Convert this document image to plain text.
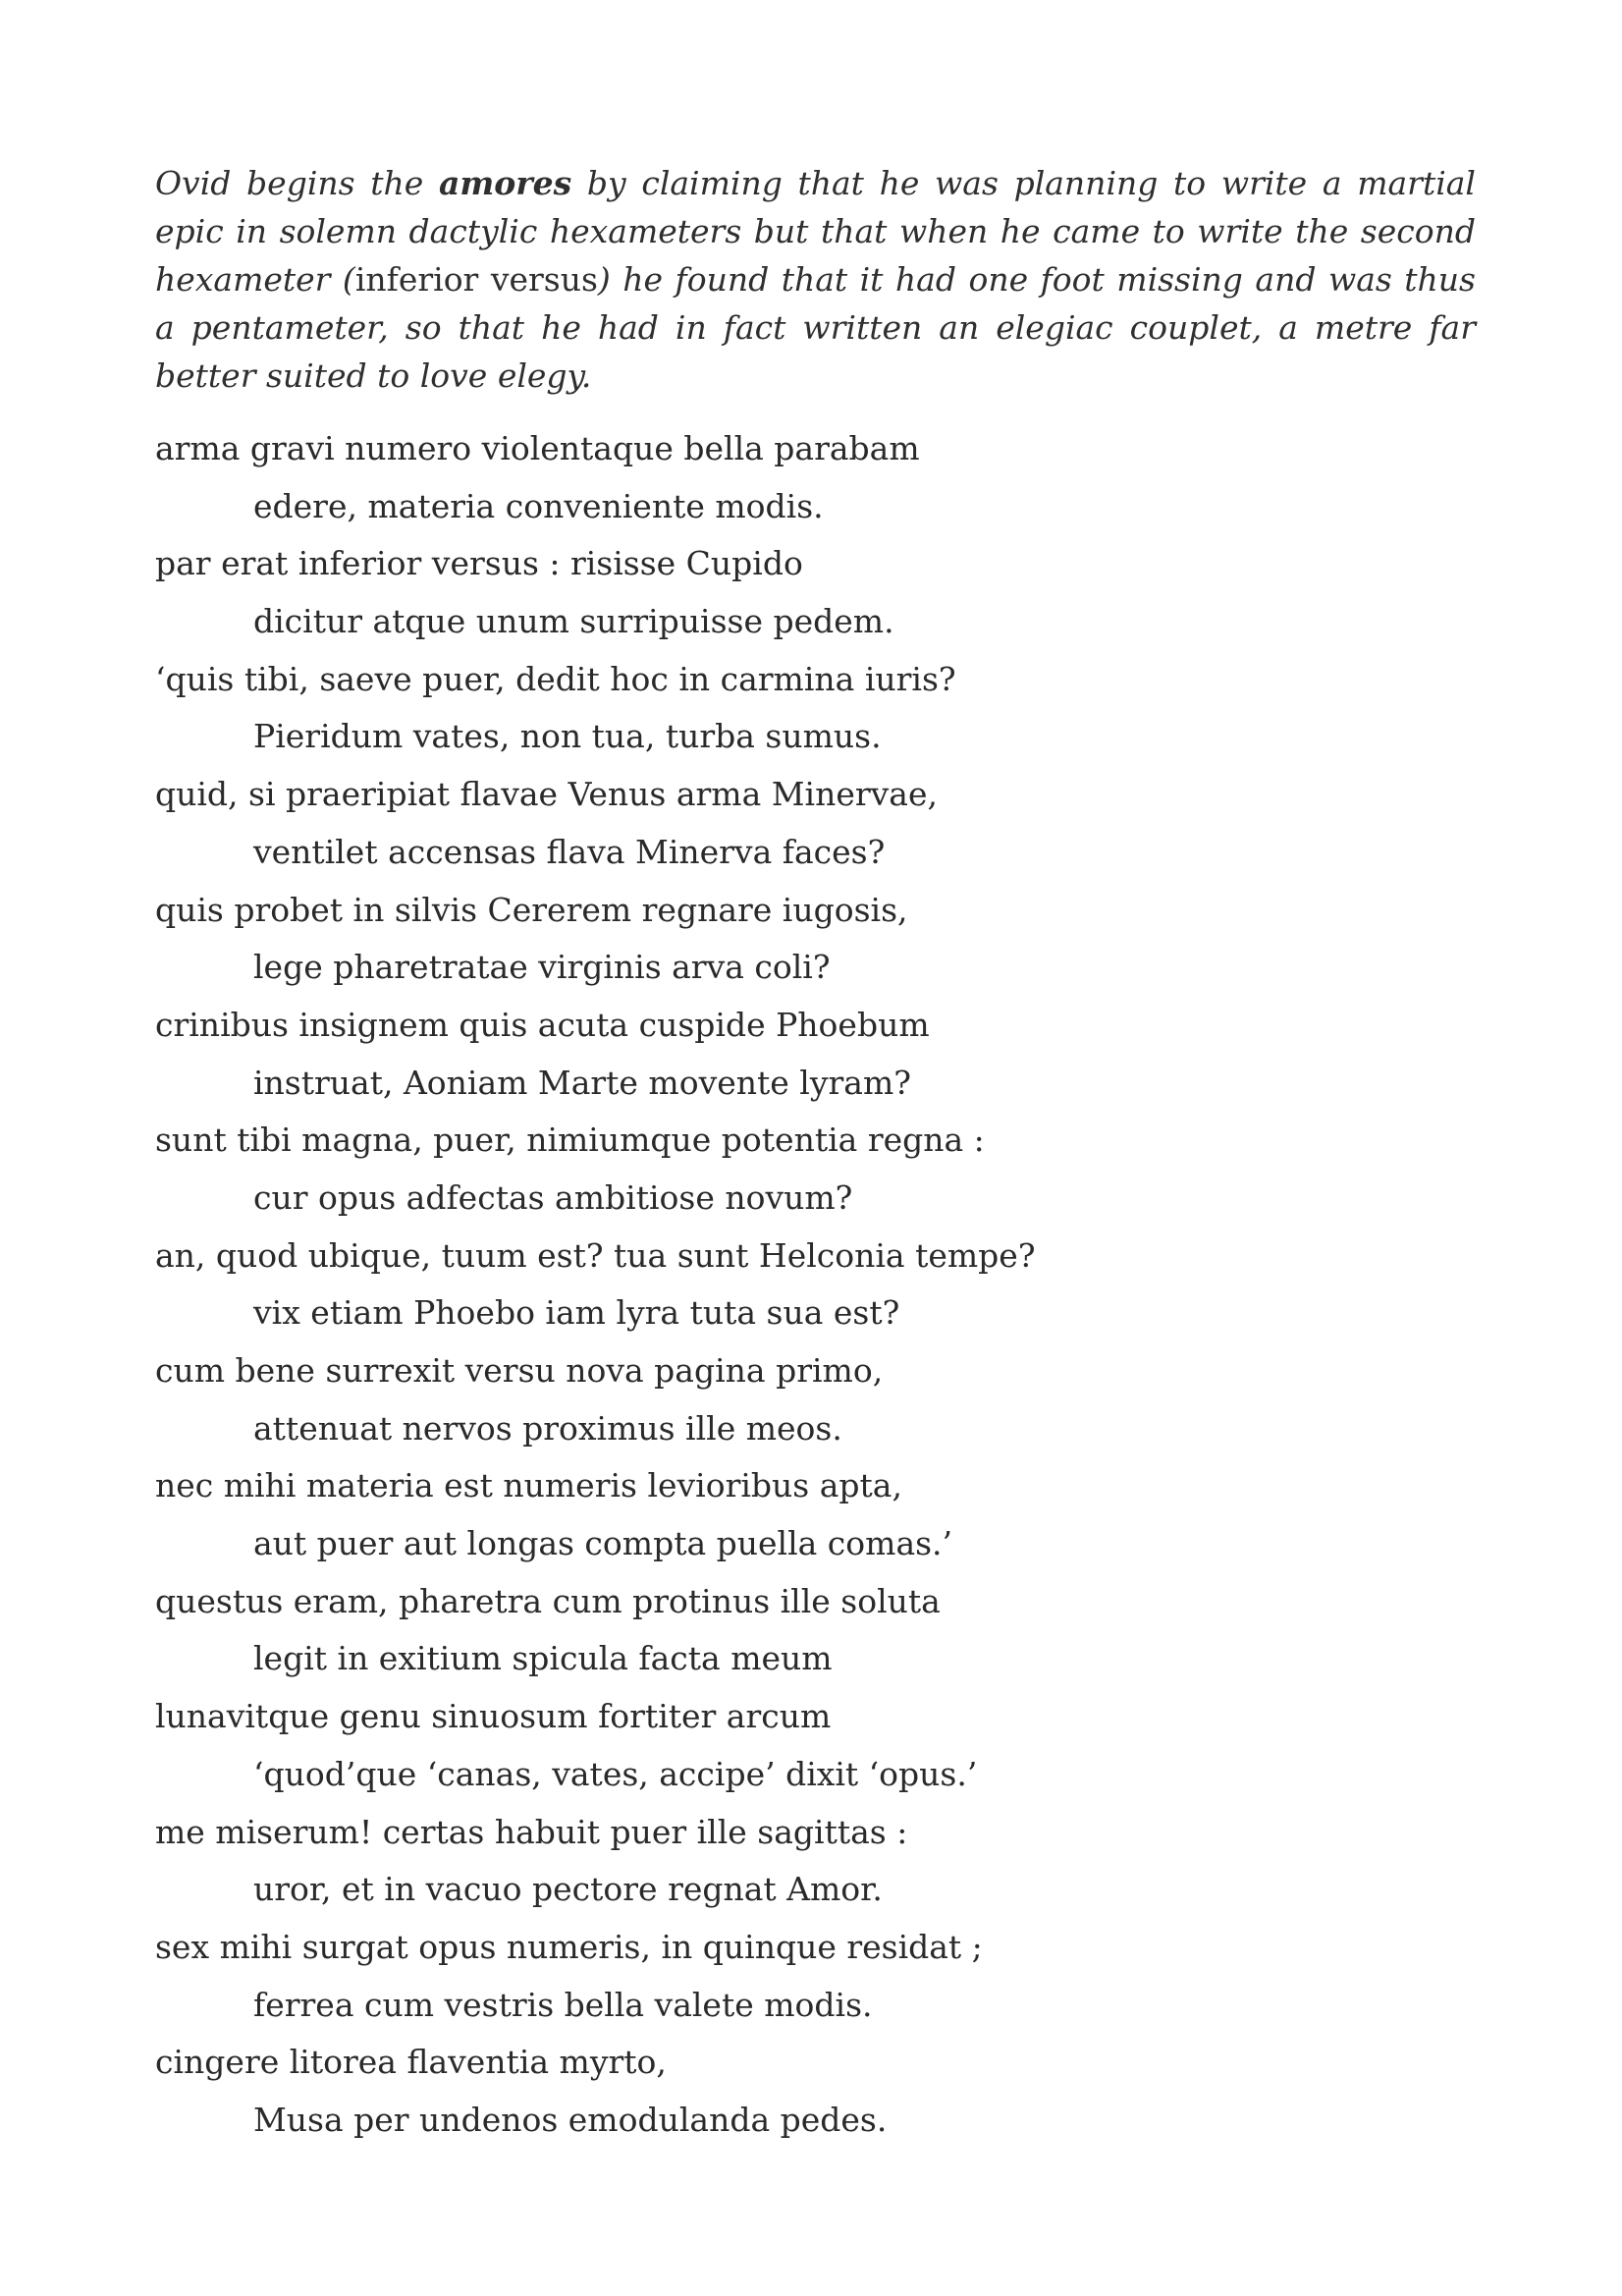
Ovid begins the amores by claiming that he was planning to write a martial epic in solemn dactylic hexameters but that when he came to write the second hexameter (inferior versus) he found that it had one foot missing and was thus a pentameter, so that he had in fact written an elegiac couplet, a metre far better suited to love elegy.

arma gravi numero violentaque bella parabam
edere, materia conveniente modis.
par erat inferior versus : risisse Cupido
dicitur atque unum surripuisse pedem.
‘quis tibi, saeve puer, dedit hoc in carmina iuris?
Pieridum vates, non tua, turba sumus.
quid, si praeripiat flavae Venus arma Minervae,
ventilet accensas flava Minerva faces?
quis probet in silvis Cererem regnare iugosis,
lege pharetratae virginis arva coli?
crinibus insignem quis acuta cuspide Phoebum
instruat, Aoniam Marte movente lyram?
sunt tibi magna, puer, nimiumque potentia regna :
cur opus adfectas ambitiose novum?
an, quod ubique, tuum est? tua sunt Helconia tempe?
vix etiam Phoebo iam lyra tuta sua est?
cum bene surrexit versu nova pagina primo,
attenuat nervos proximus ille meos.
nec mihi materia est numeris levioribus apta,
aut puer aut longas compta puella comas.’
questus eram, pharetra cum protinus ille soluta
legit in exitium spicula facta meum
lunavitque genu sinuosum fortiter arcum
‘quod’que ‘canas, vates, accipe’ dixit ‘opus.’
me miserum! certas habuit puer ille sagittas :
uror, et in vacuo pectore regnat Amor.
sex mihi surgat opus numeris, in quinque residat ;
ferrea cum vestris bella valete modis.
cingere litorea flaventia myrto,
Musa per undenos emodulanda pedes.
